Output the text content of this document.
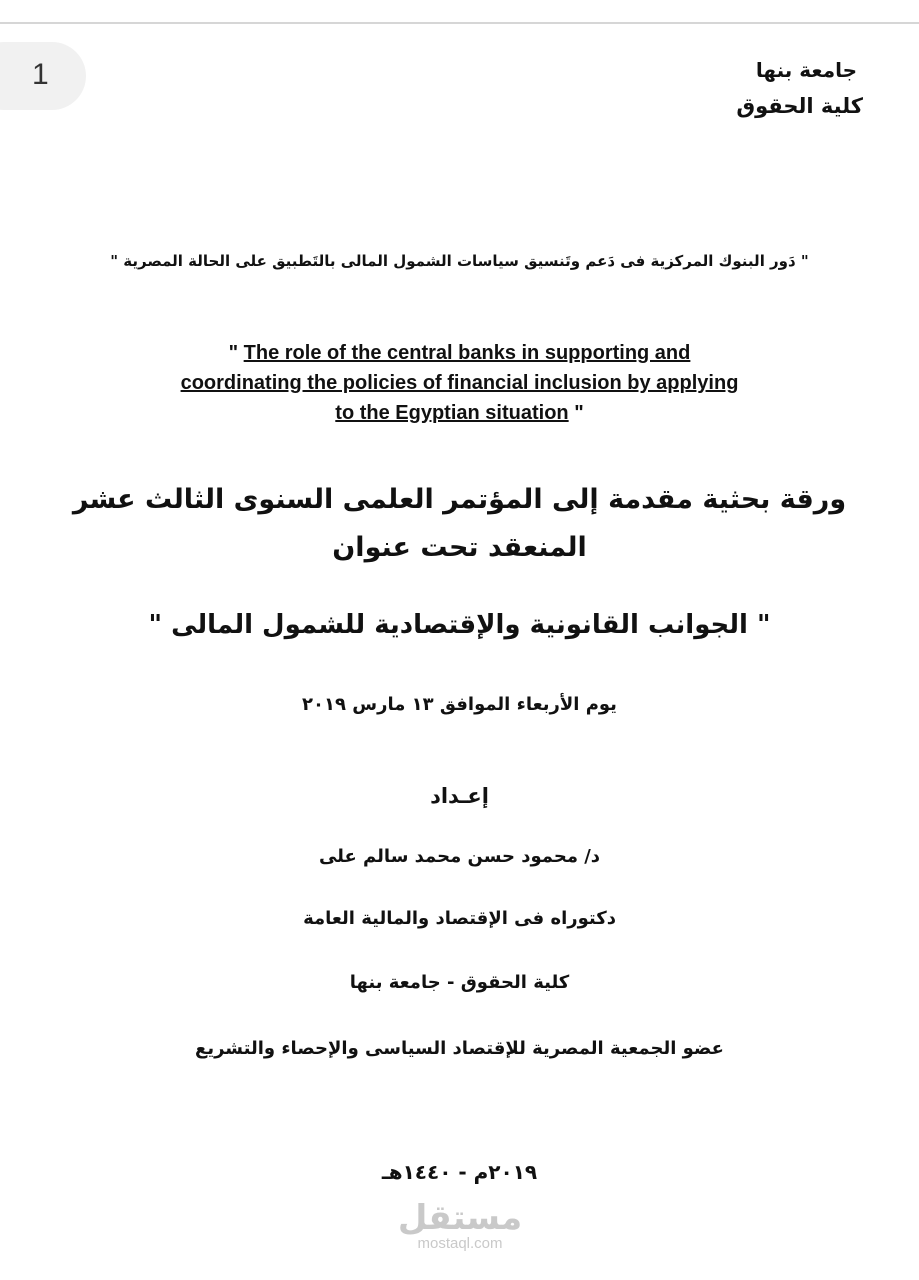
1	جامعة بنها
كلية الحقوق
" دَور البنوك المركزية فى دَعم وتَنسيق سياسات الشمول المالى بالتَطبيق على الحالة المصرية "
" The role of the central banks in supporting and
coordinating the policies of financial inclusion by applying
to the Egyptian situation "
ورقة بحثية مقدمة إلى المؤتمر العلمى السنوى الثالث عشر
المنعقد تحت عنوان
" الجوانب القانونية والإقتصادية للشمول المالى "
يوم الأربعاء الموافق ١٣ مارس ٢٠١٩
إعـداد
د/ محمود حسن محمد سالم على
دكتوراه فى الإقتصاد والمالية العامة
كلية الحقوق - جامعة بنها
عضو الجمعية المصرية للإقتصاد السياسى والإحصاء والتشريع
٢٠١٩م - ١٤٤٠هـ
مستقل
mostaql.com
